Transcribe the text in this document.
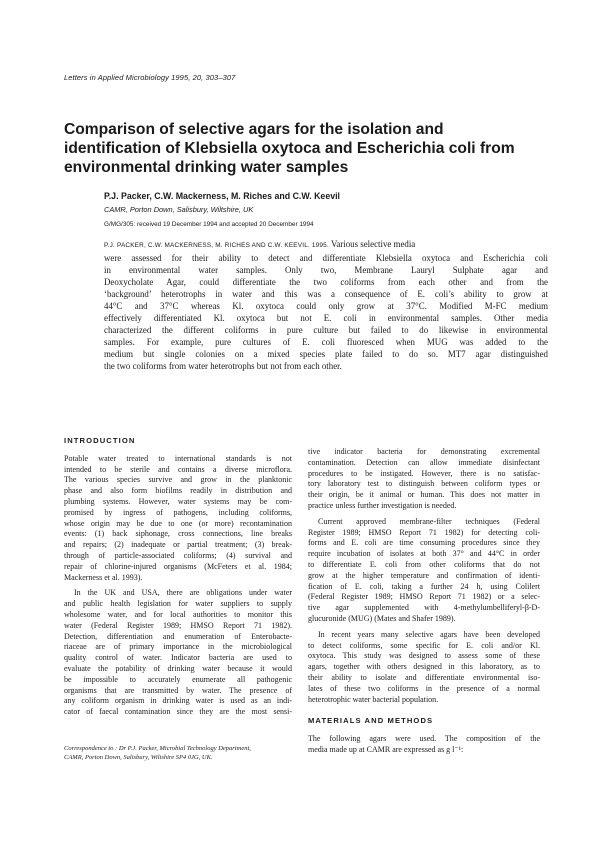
Letters in Applied Microbiology 1995, 20, 303–307
Comparison of selective agars for the isolation and
identification of Klebsiella oxytoca and Escherichia coli from
environmental drinking water samples
P.J. Packer, C.W. Mackerness, M. Riches and C.W. Keevil
CAMR, Porton Down, Salisbury, Wiltshire, UK
G/MG/305: received 19 December 1994 and accepted 20 December 1994
P.J. PACKER, C.W. MACKERNESS, M. RICHES AND C.W. KEEVIL. 1995. Various selective media
were assessed for their ability to detect and differentiate Klebsiella oxytoca and Escherichia coli
in environmental water samples. Only two, Membrane Lauryl Sulphate agar and
Deoxycholate Agar, could differentiate the two coliforms from each other and from the
‘background’ heterotrophs in water and this was a consequence of E. coli’s ability to grow at
44°C and 37°C whereas Kl. oxytoca could only grow at 37°C. Modified M-FC medium
effectively differentiated Kl. oxytoca but not E. coli in environmental samples. Other media
characterized the different coliforms in pure culture but failed to do likewise in environmental
samples. For example, pure cultures of E. coli fluoresced when MUG was added to the
medium but single colonies on a mixed species plate failed to do so. MT7 agar distinguished
the two coliforms from water heterotrophs but not from each other.
INTRODUCTION
Potable water treated to international standards is not
intended to be sterile and contains a diverse microflora.
The various species survive and grow in the planktonic
phase and also form biofilms readily in distribution and
plumbing systems. However, water systems may be com-
promised by ingress of pathogens, including coliforms,
whose origin may be due to one (or more) recontamination
events: (1) back siphonage, cross connections, line breaks
and repairs; (2) inadequate or partial treatment; (3) break-
through of particle-associated coliforms; (4) survival and
repair of chlorine-injured organisms (McFeters et al. 1984;
Mackerness et al. 1993).
In the UK and USA, there are obligations under water
and public health legislation for water suppliers to supply
wholesome water, and for local authorities to monitor this
water (Federal Register 1989; HMSO Report 71 1982).
Detection, differentiation and enumeration of Enterobacte-
riaceae are of primary importance in the microbiological
quality control of water. Indicator bacteria are used to
evaluate the potability of drinking water because it would
be impossible to accurately enumerate all pathogenic
organisms that are transmitted by water. The presence of
any coliform organism in drinking water is used as an indi-
cator of faecal contamination since they are the most sensi-
Correspondence to : Dr P.J. Packer, Microbial Technology Department,
CAMR, Porton Down, Salisbury, Wiltshire SP4 0JG, UK.
tive indicator bacteria for demonstrating excremental
contamination. Detection can allow immediate disinfectant
procedures to be instigated. However, there is no satisfac-
tory laboratory test to distinguish between coliform types or
their origin, be it animal or human. This does not matter in
practice unless further investigation is needed.
Current approved membrane-filter techniques (Federal
Register 1989; HMSO Report 71 1982) for detecting coli-
forms and E. coli are time consuming procedures since they
require incubation of isolates at both 37° and 44°C in order
to differentiate E. coli from other coliforms that do not
grow at the higher temperature and confirmation of identi-
fication of E. coli, taking a further 24 h, using Colilert
(Federal Register 1989; HMSO Report 71 1982) or a selec-
tive agar supplemented with 4-methylumbelliferyl-β-D-
glucuronide (MUG) (Mates and Shafer 1989).
In recent years many selective agars have been developed
to detect coliforms, some specific for E. coli and/or Kl.
oxytoca. This study was designed to assess some of these
agars, together with others designed in this laboratory, as to
their ability to isolate and differentiate environmental iso-
lates of these two coliforms in the presence of a normal
heterotrophic water bacterial population.
MATERIALS AND METHODS
The following agars were used. The composition of the
media made up at CAMR are expressed as g l⁻¹:
